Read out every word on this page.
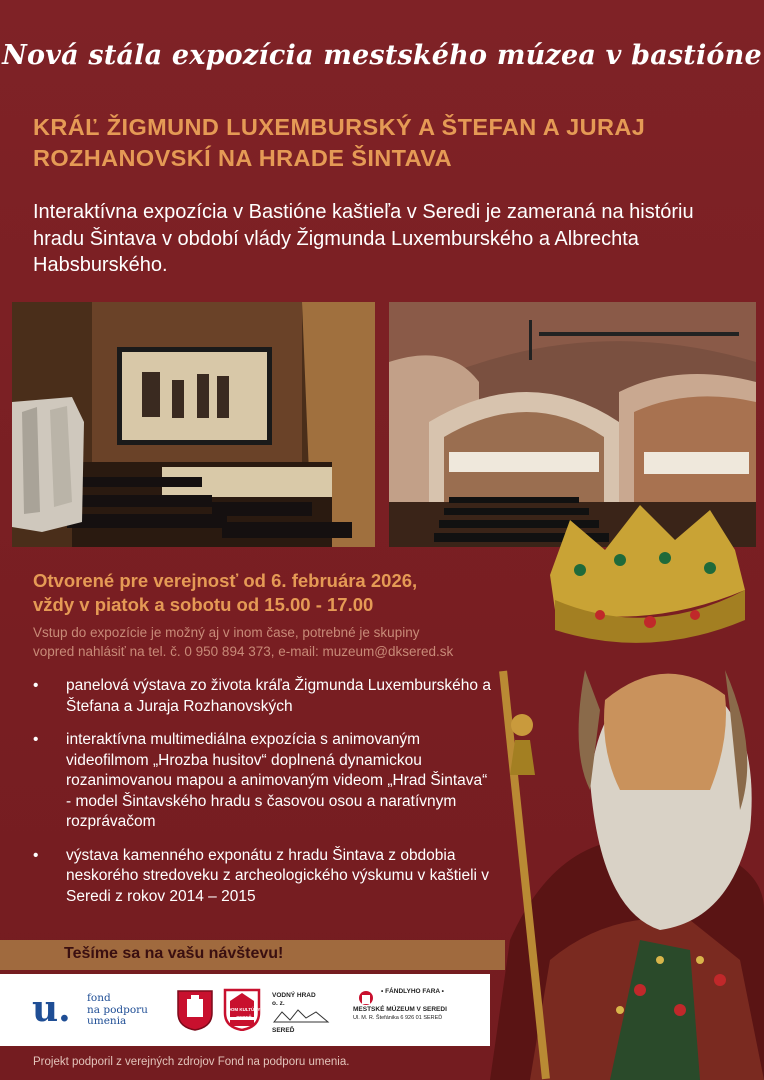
Nová stála expozícia mestského múzea v bastióne
KRÁĽ ŽIGMUND LUXEMBURSKÝ A ŠTEFAN A JURAJ
ROZHANOVSKÍ NA HRADE ŠINTAVA
Interaktívna expozícia v Bastióne kaštieľa v Seredi je zameraná na históriu hradu Šintava v období vlády Žigmunda Luxemburského a Albrechta Habsburského.
Otvorené pre verejnosť od 6. februára 2026,
vždy v piatok a sobotu od 15.00 - 17.00
Vstup do expozície je možný aj v inom čase, potrebné je skupiny
vopred nahlásiť na tel. č. 0 950 894 373, e-mail: muzeum@dksered.sk
• panelová výstava zo života kráľa Žigmunda Luxemburského a Štefana a Juraja Rozhanovských
• interaktívna multimediálna expozícia s animovaným videofilmom „Hrozba husitov“ doplnená dynamickou rozanimovanou mapou a animovaným videom „Hrad Šintava“ - model Šintavského hradu s časovou osou a naratívnym rozprávačom
• výstava kamenného exponátu z hradu Šintava z obdobia neskorého stredoveku z archeologického výskumu v kaštieli v Seredi z rokov 2014 – 2015
Tešíme sa na vašu návštevu!
u. fond
na podporu
umenia
DOM KULTÚRY SEREĎ
VODNÝ HRAD
o. z.
SEREĎ
• FÁNDLYHO FARA •
MESTSKÉ MÚZEUM V SEREDI
Ul. M. R. Štefánika 6 926 01 SEREĎ
Projekt podporil z verejných zdrojov Fond na podporu umenia.
